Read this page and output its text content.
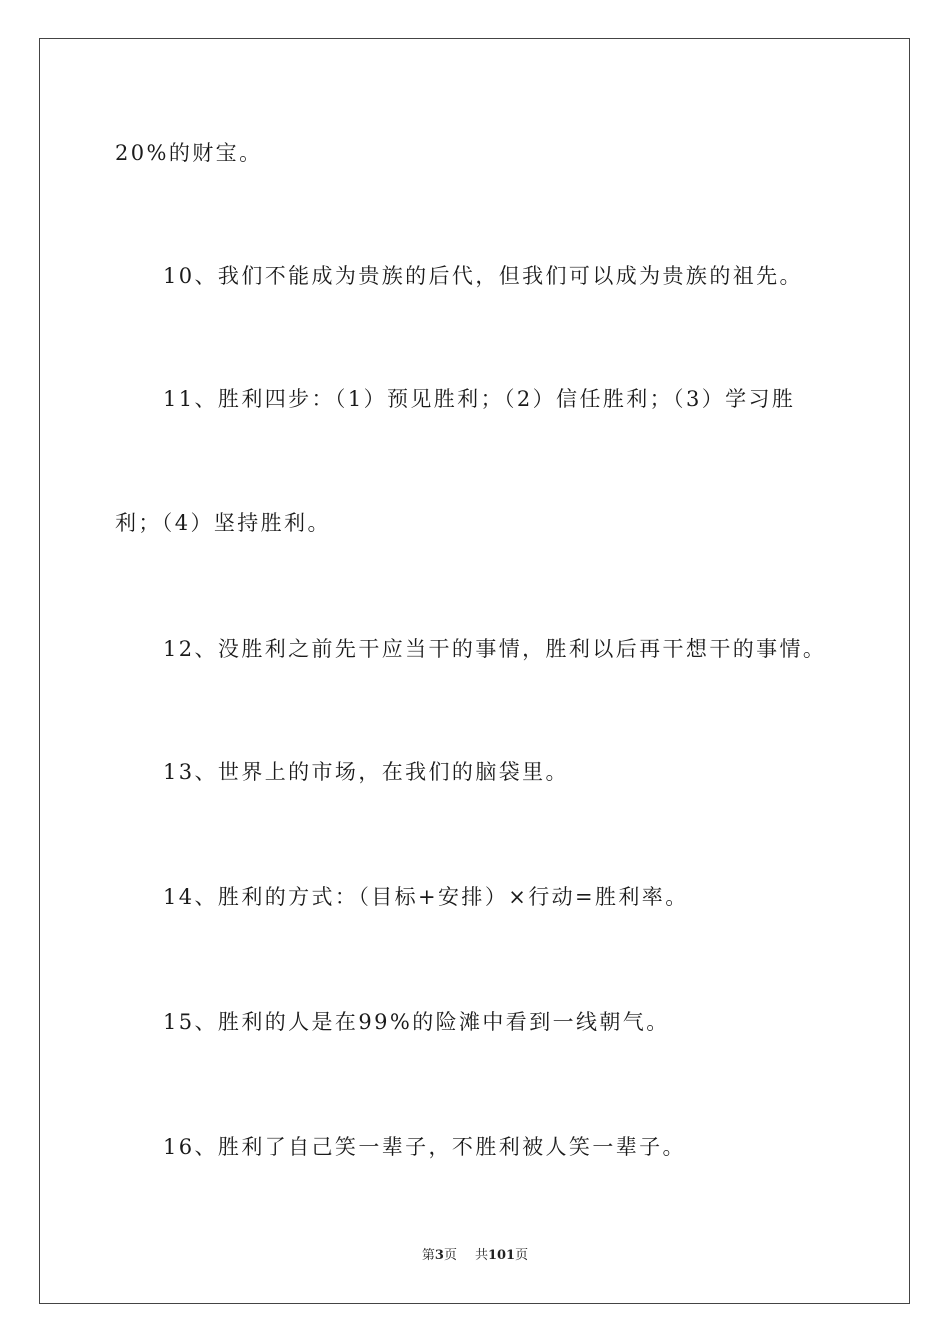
20%的财宝。
10、我们不能成为贵族的后代，但我们可以成为贵族的祖先。
11、胜利四步：（1）预见胜利；（2）信任胜利；（3）学习胜
利；（4）坚持胜利。
12、没胜利之前先干应当干的事情，胜利以后再干想干的事情。
13、世界上的市场，在我们的脑袋里。
14、胜利的方式：（目标+安排）×行动=胜利率。
15、胜利的人是在99%的险滩中看到一线朝气。
16、胜利了自己笑一辈子，不胜利被人笑一辈子。
第3页 共101页
